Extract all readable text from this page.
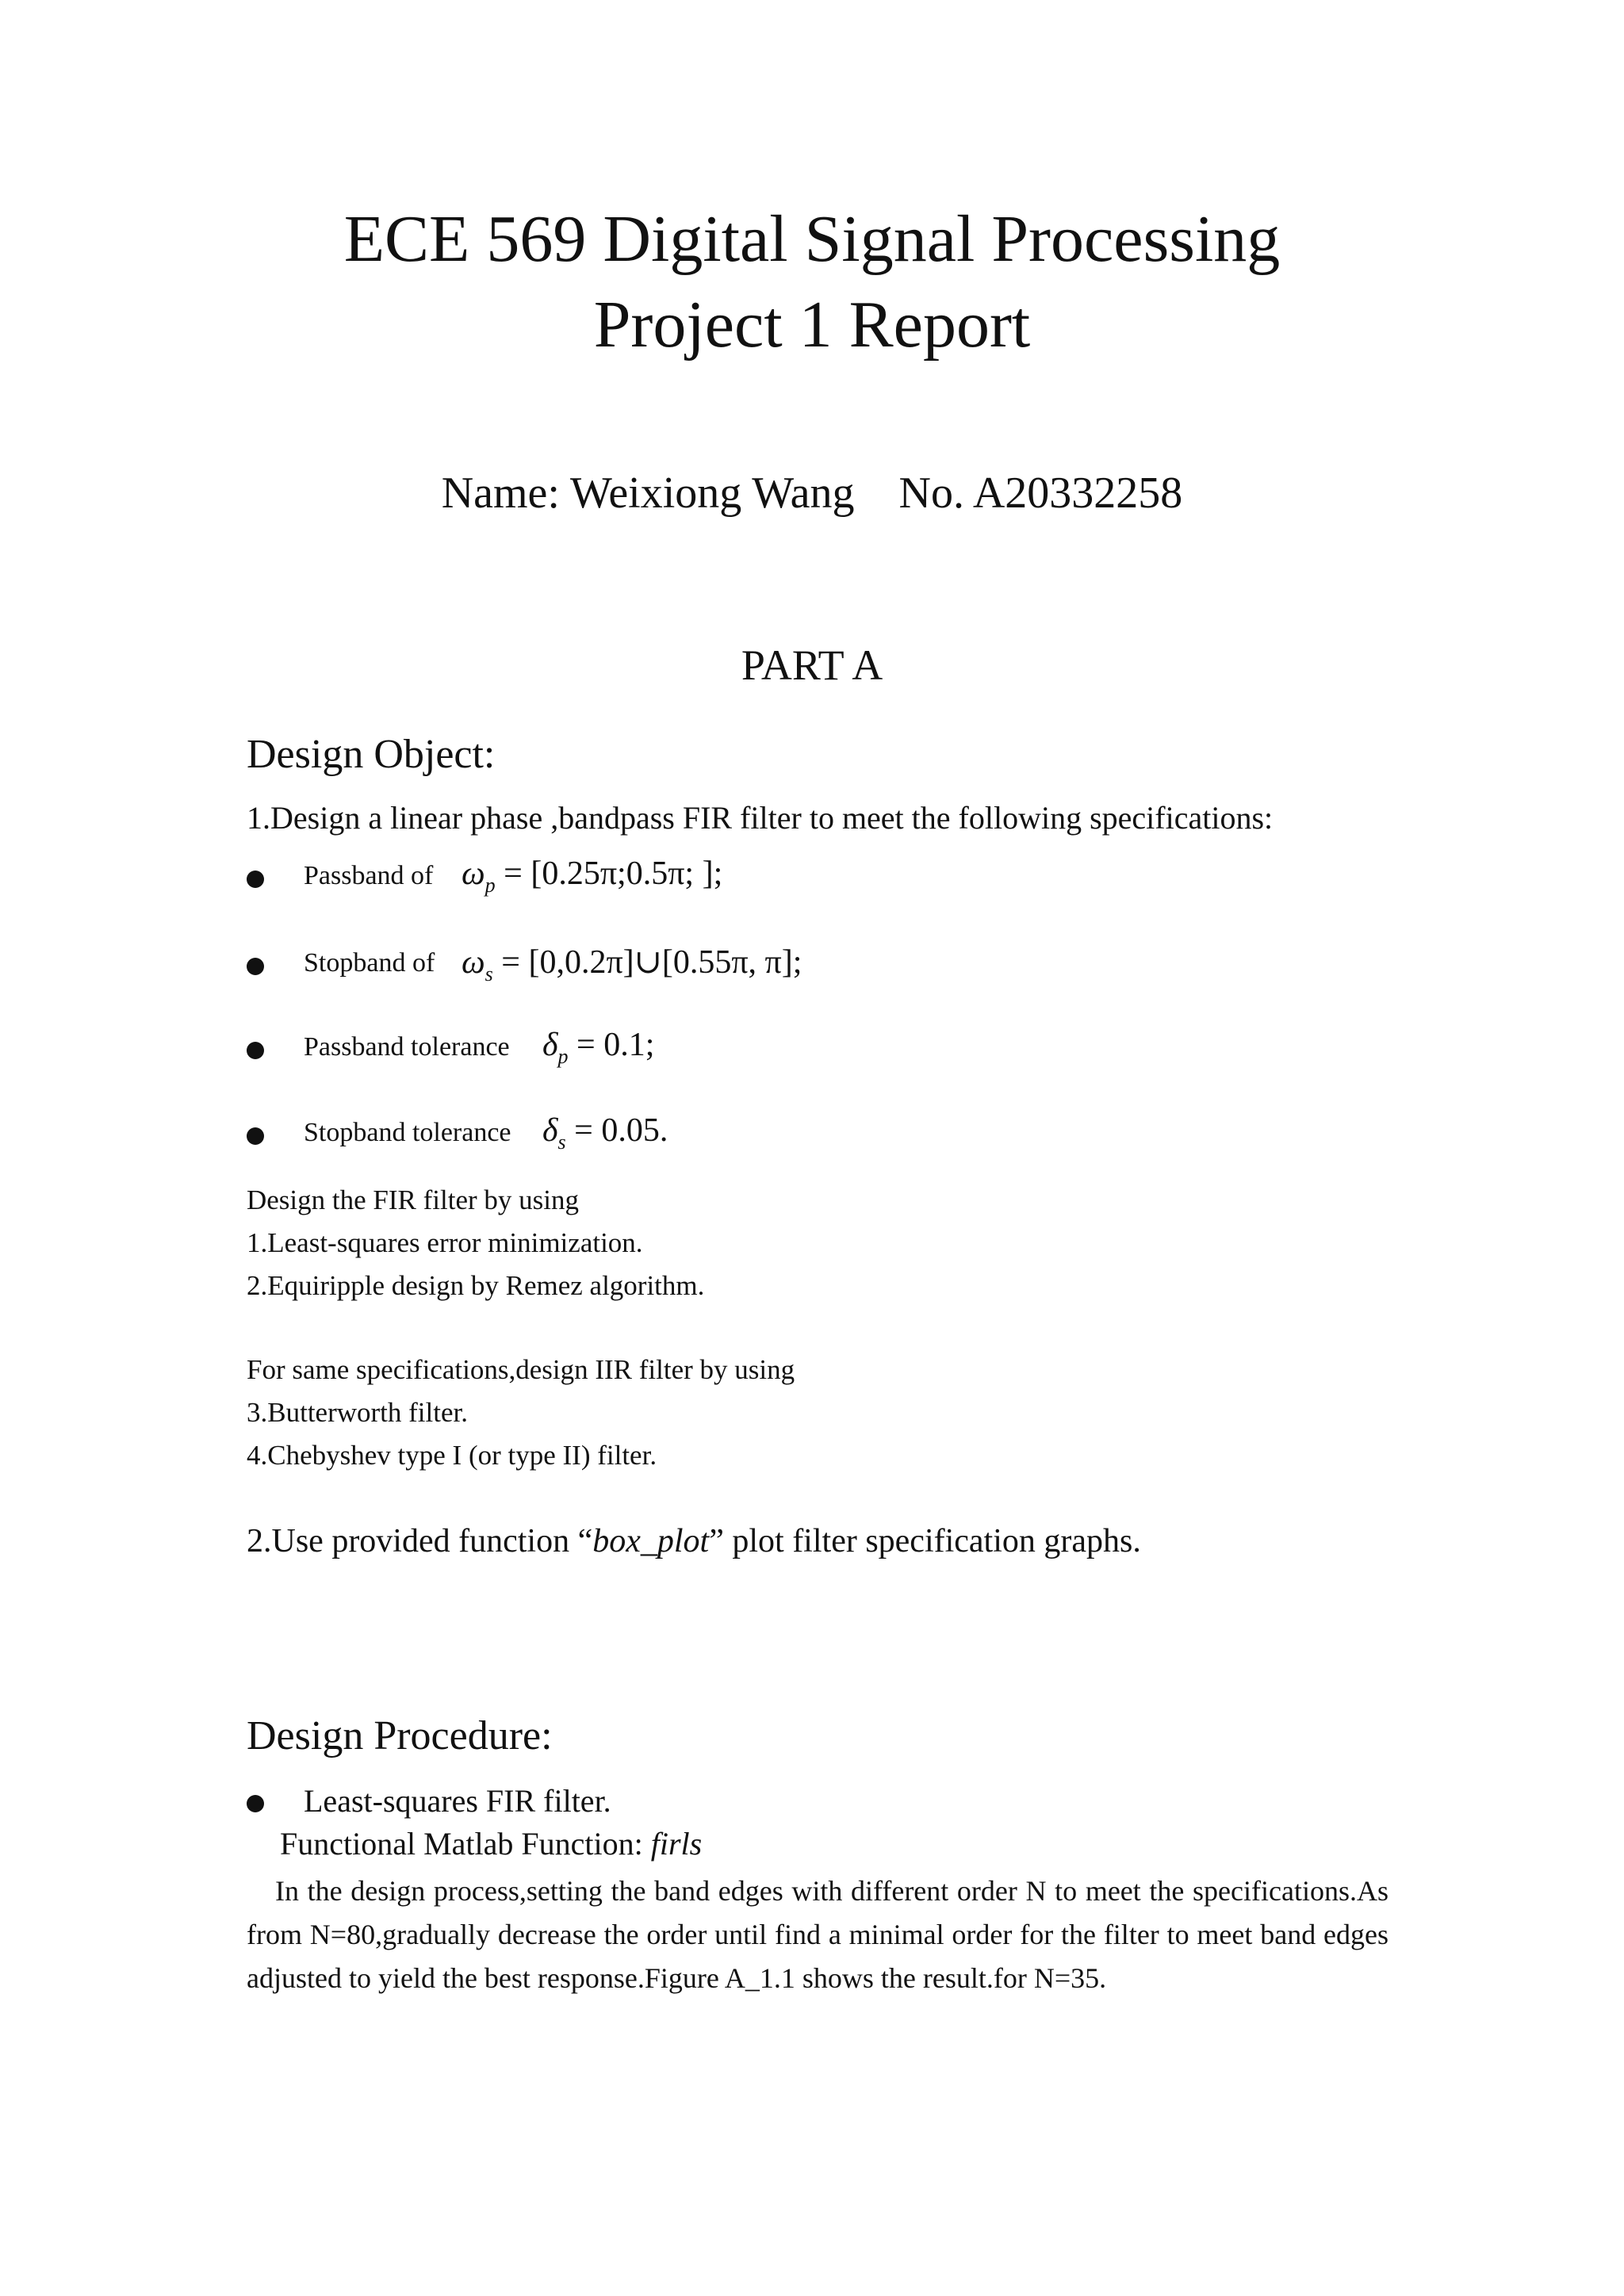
ECE 569 Digital Signal Processing
Project 1 Report
Name: Weixiong Wang No. A20332258
PART A
Design Object:
1.Design a linear phase ,bandpass FIR filter to meet the following specifications:
Passband of $\omega_p$ = [0.25π;0.5π; ];
Stopband of $\omega_s$ = [0,0.2π]∪[0.55π, π];
Passband tolerance $\delta_p = 0.1$;
Stopband tolerance $\delta_s = 0.05$.
Design the FIR filter by using
1.Least-squares error minimization.
2.Equiripple design by Remez algorithm.
For same specifications,design IIR filter by using
3.Butterworth filter.
4.Chebyshev type I (or type II) filter.
2.Use provided function “box_plot” plot filter specification graphs.
Design Procedure:
Least-squares FIR filter.
Functional Matlab Function: firls
In the design process,setting the band edges with different order N to meet the specifications.As from N=80,gradually decrease the order until find a minimal order for the filter to meet band edges adjusted to yield the best response.Figure A_1.1 shows the result.for N=35.
